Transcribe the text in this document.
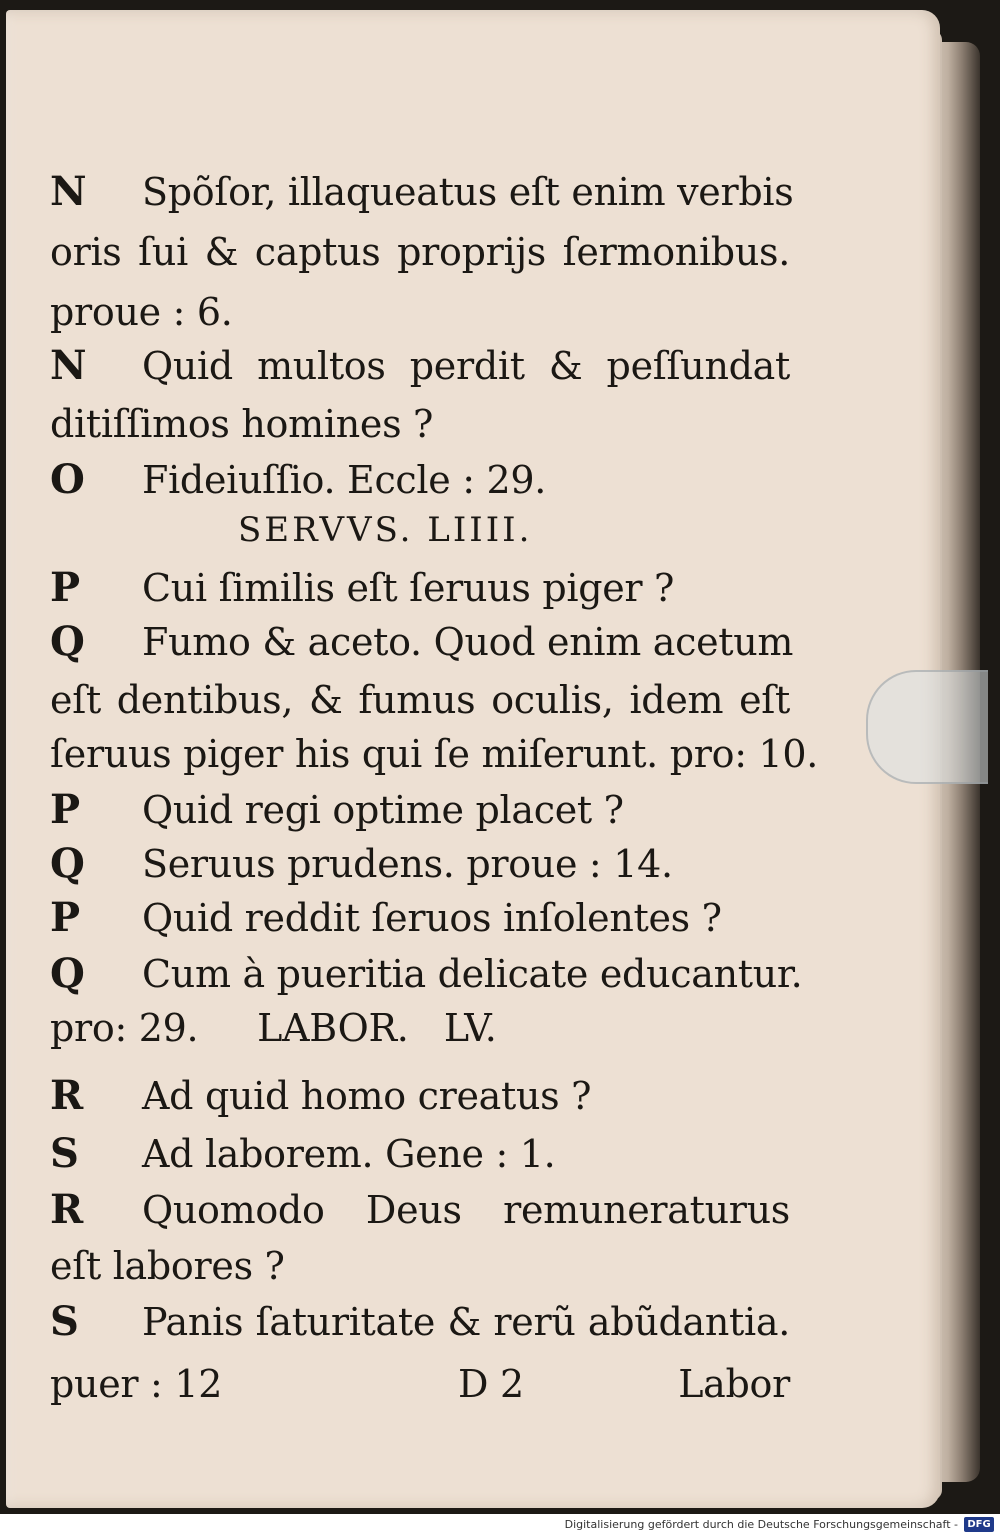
N	Spõſor, illaquеatus eſt enim verbis
oris ſui & captus proprijs ſermonibus.
proue : 6.
N	Quid multos perdit & peſſundat
ditiſſimos homines ?
O	Fideiuſſio. Eccle : 29.
SERVVS. LIIII.
P	Cui ſimilis eſt ſeruus piger ?
Q	Fumo & aceto. Quod enim acetum
eſt dentibus, & fumus oculis, idem eſt
ſeruus piger his qui ſe miſerunt. pro: 10.
P	Quid regi optime placet ?
Q	Seruus prudens. proue : 14.
P	Quid reddit ſeruos inſolentes ?
Q	Cum à pueritia delicate educantur.
pro: 29.     LABOR.   LV.
R	Ad quid homo creatus ?
S	Ad laborem. Gene : 1.
R	Quomodo Deus remuneraturus
eſt labores ?
S	Panis ſaturitate & rerũ abũdantia.
puer : 12	D 2	Labor
Digitalisierung gefördert durch die Deutsche Forschungsgemeinschaft - DFG
